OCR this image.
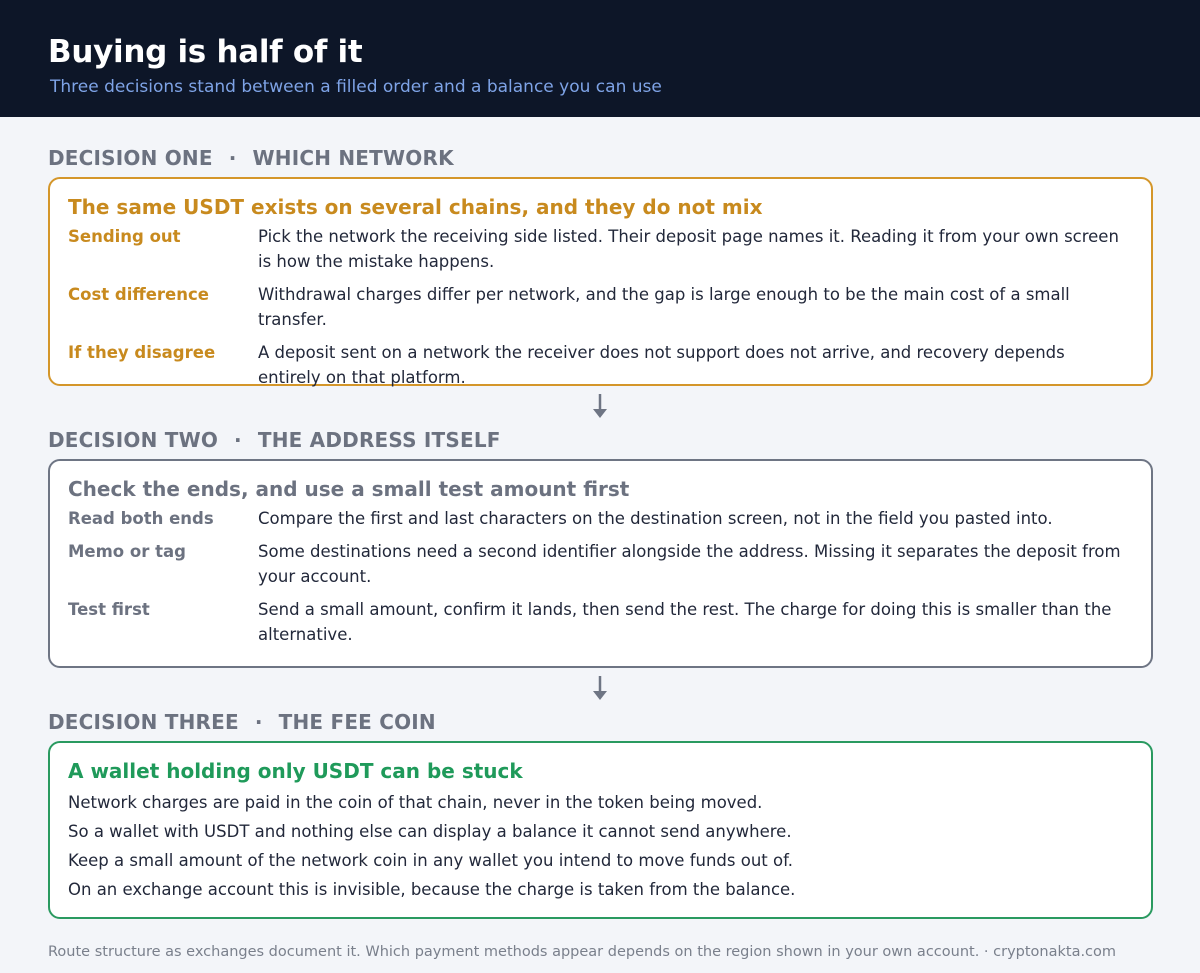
Buying is half of it
Three decisions stand between a filled order and a balance you can use
DECISION ONE · WHICH NETWORK
The same USDT exists on several chains, and they do not mix
Sending out	Pick the network the receiving side listed. Their deposit page names it. Reading it from your own screen is how the mistake happens.
Cost difference	Withdrawal charges differ per network, and the gap is large enough to be the main cost of a small transfer.
If they disagree	A deposit sent on a network the receiver does not support does not arrive, and recovery depends entirely on that platform.
DECISION TWO · THE ADDRESS ITSELF
Check the ends, and use a small test amount first
Read both ends	Compare the first and last characters on the destination screen, not in the field you pasted into.
Memo or tag	Some destinations need a second identifier alongside the address. Missing it separates the deposit from your account.
Test first	Send a small amount, confirm it lands, then send the rest. The charge for doing this is smaller than the alternative.
DECISION THREE · THE FEE COIN
A wallet holding only USDT can be stuck
Network charges are paid in the coin of that chain, never in the token being moved.
So a wallet with USDT and nothing else can display a balance it cannot send anywhere.
Keep a small amount of the network coin in any wallet you intend to move funds out of.
On an exchange account this is invisible, because the charge is taken from the balance.
Route structure as exchanges document it. Which payment methods appear depends on the region shown in your own account. · cryptonakta.com
